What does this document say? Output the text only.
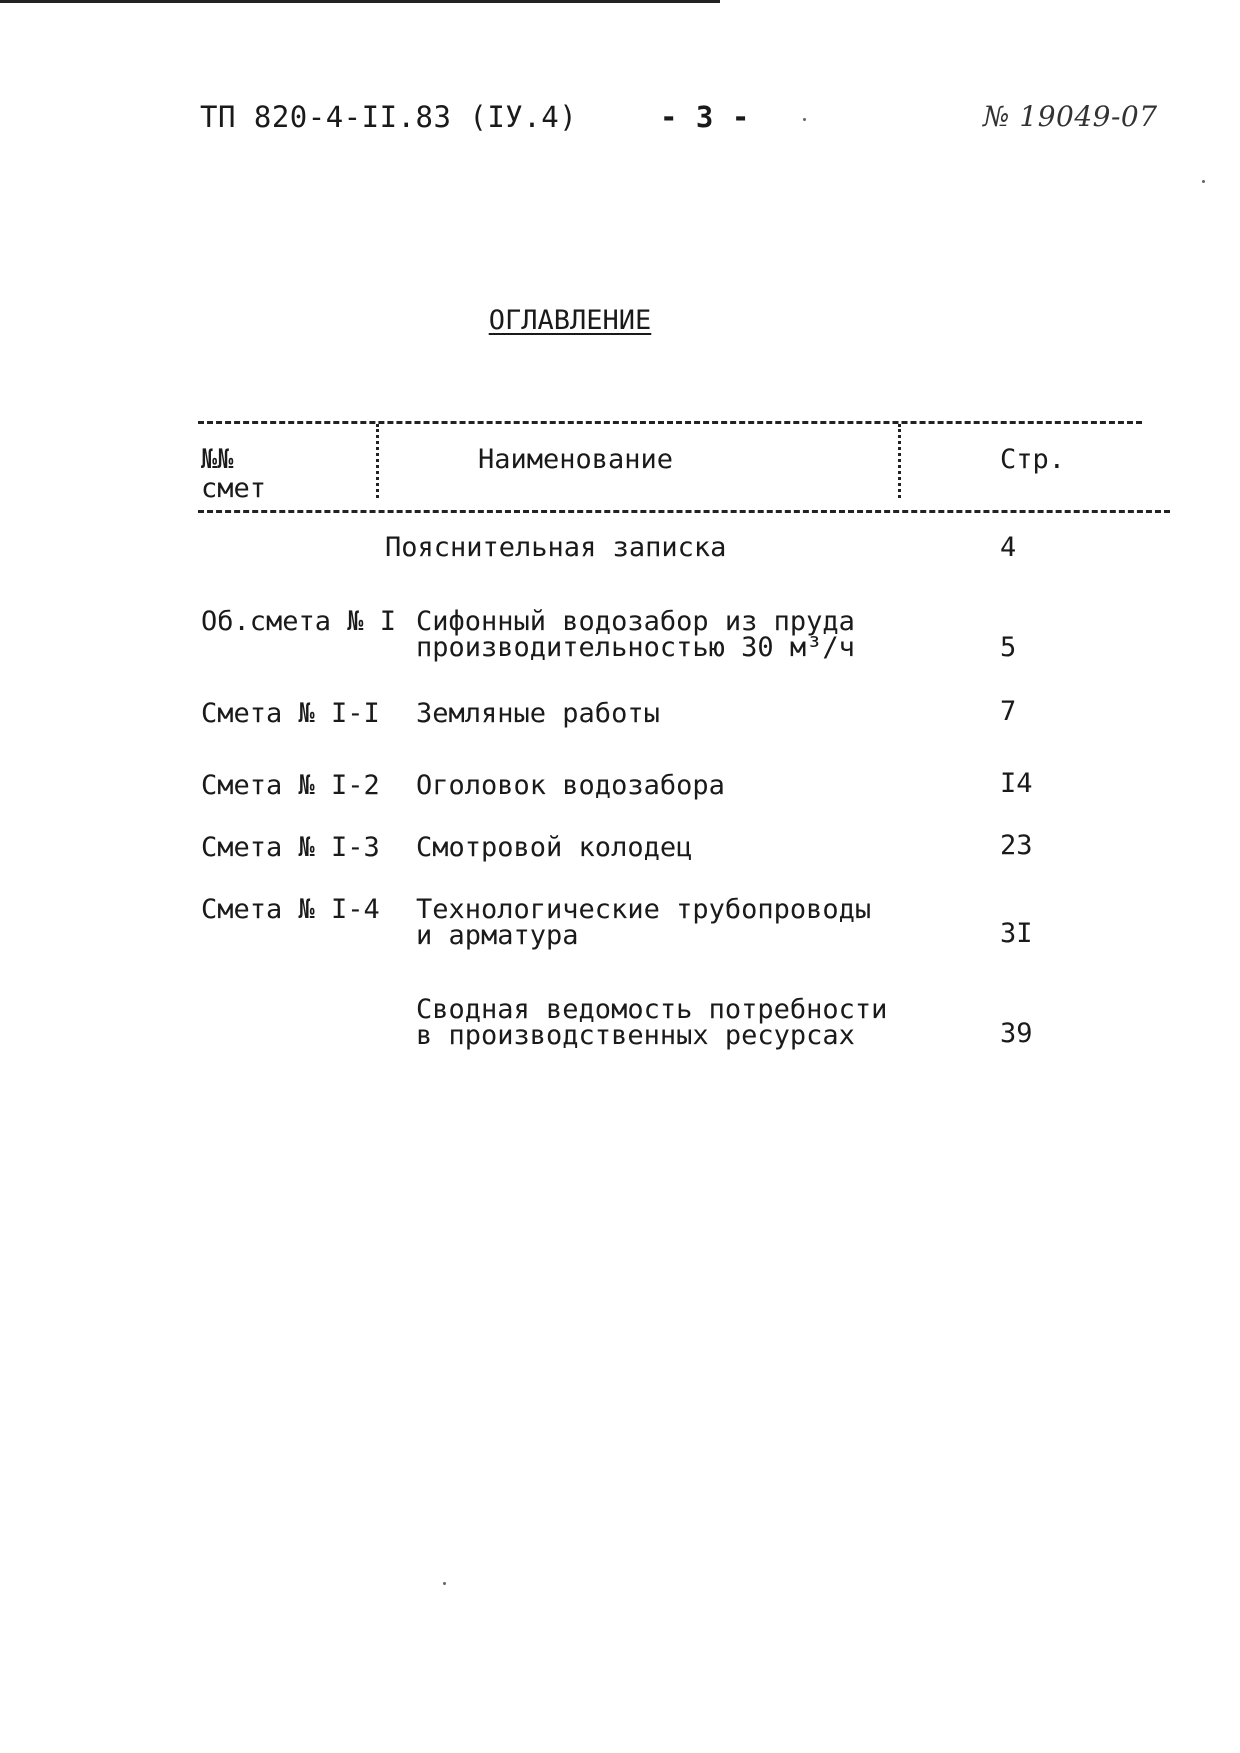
ТП 820-4-II.83 (IУ.4)	- 3 -	№ 19049-07
ОГЛАВЛЕНИЕ
№№
смет
Наименование	Стр.
Пояснительная записка	4
Об.смета № I Сифонный водозабор из пруда
производительностью 30 м³/ч	5
Смета № I-I Земляные работы	7
Смета № I-2 Оголовок водозабора	I4
Смета № I-3 Смотровой колодец	23
Смета № I-4 Технологические трубопроводы
и арматура	3I
Сводная ведомость потребности
в производственных ресурсах	39
